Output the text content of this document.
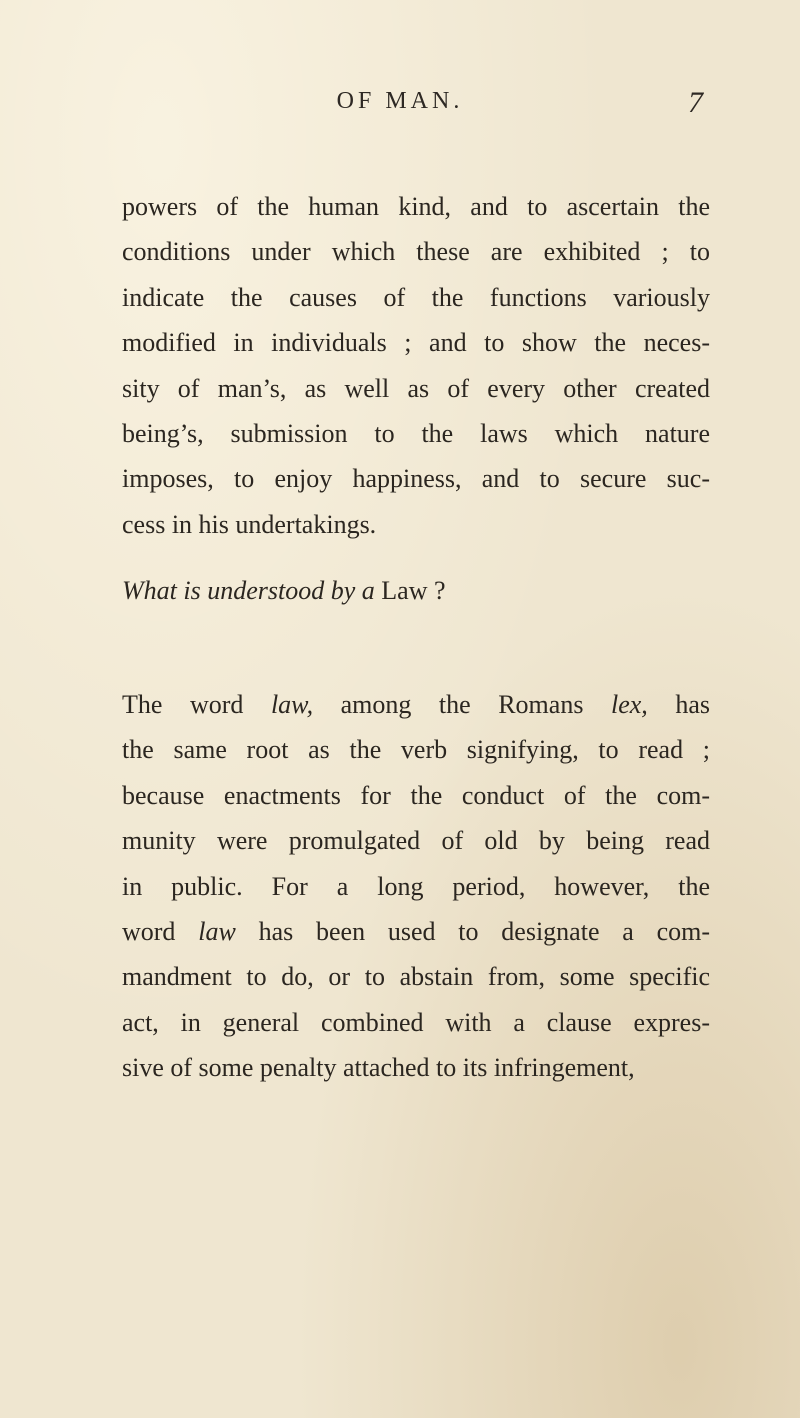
OF MAN.	7
powers of the human kind, and to ascertain the
conditions under which these are exhibited ; to
indicate the causes of the functions variously
modified in individuals ; and to show the neces-
sity of man’s, as well as of every other created
being’s, submission to the laws which nature
imposes, to enjoy happiness, and to secure suc-
cess in his undertakings.
What is understood by a Law ?
The word law, among the Romans lex, has
the same root as the verb signifying, to read ;
because enactments for the conduct of the com-
munity were promulgated of old by being read
in public. For a long period, however, the
word law has been used to designate a com-
mandment to do, or to abstain from, some specific
act, in general combined with a clause expres-
sive of some penalty attached to its infringement,
